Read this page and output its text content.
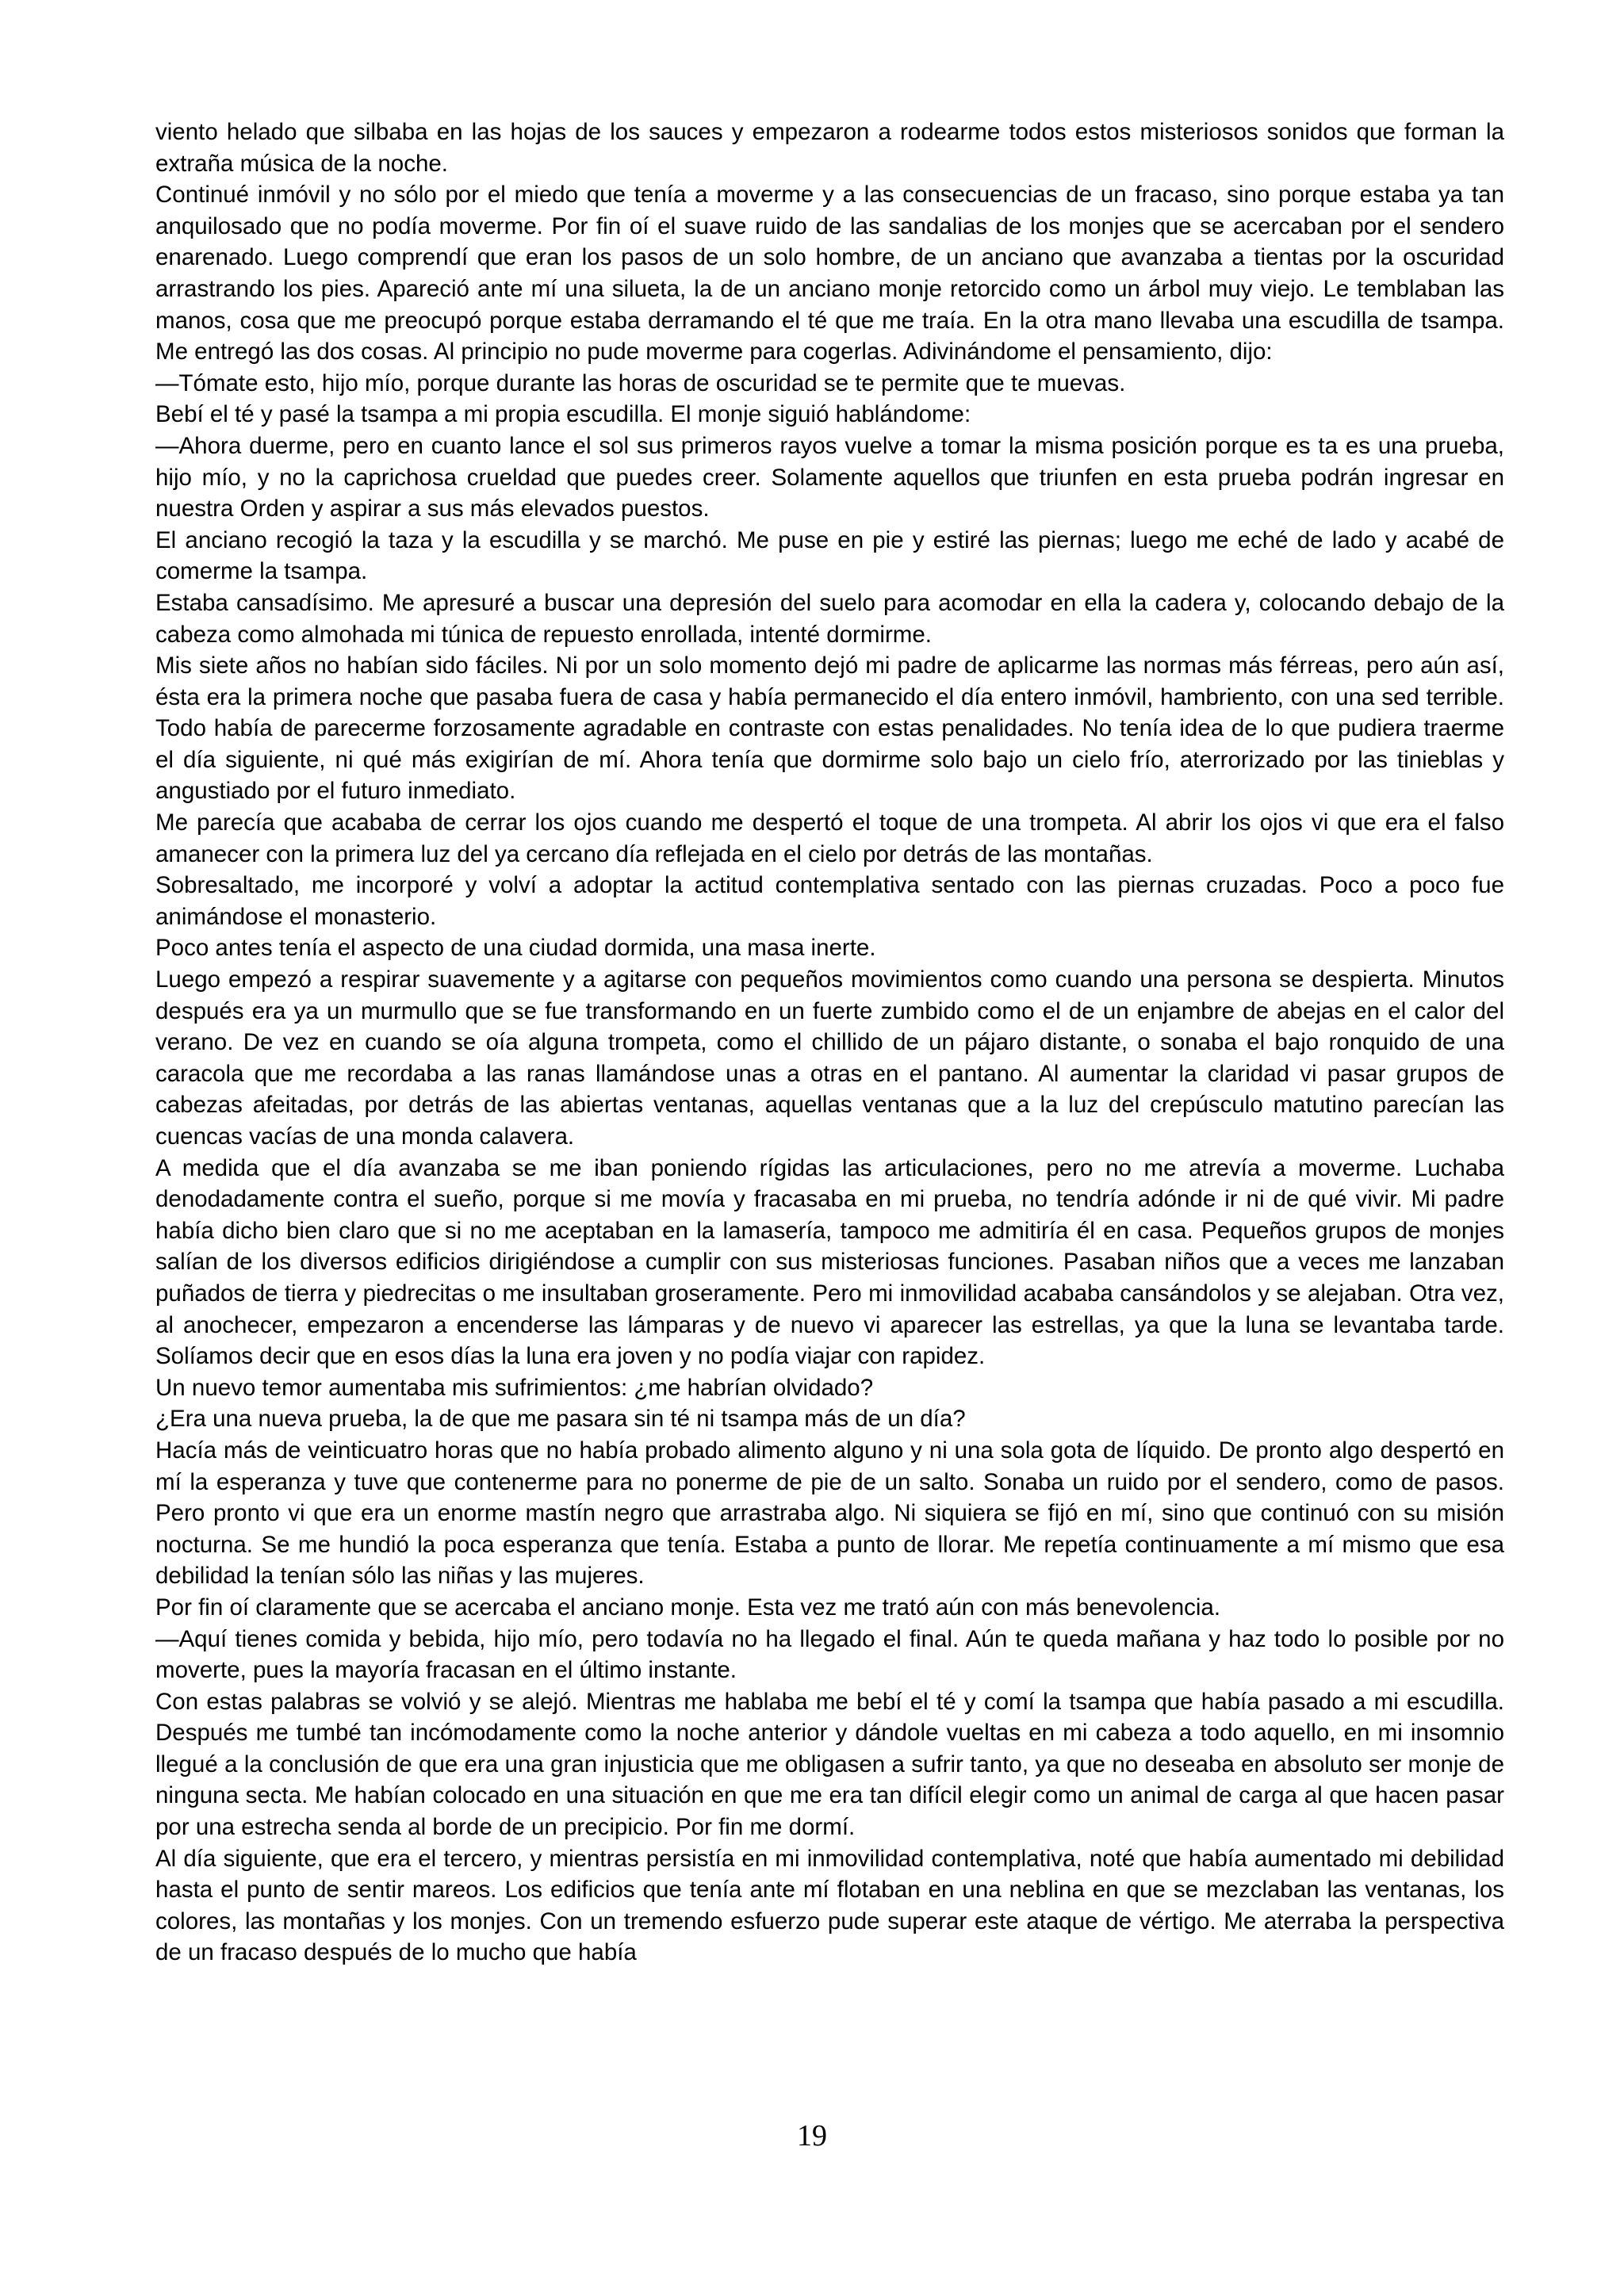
viento helado que silbaba en las hojas de los sauces y empezaron a rodearme todos estos misteriosos sonidos que forman la extraña música de la noche.

Continué inmóvil y no sólo por el miedo que tenía a moverme y a las consecuencias de un fracaso, sino porque estaba ya tan anquilosado que no podía moverme. Por fin oí el suave ruido de las sandalias de los monjes que se acercaban por el sendero enarenado. Luego comprendí que eran los pasos de un solo hombre, de un anciano que avanzaba a tientas por la oscuridad arrastrando los pies. Apareció ante mí una silueta, la de un anciano monje retorcido como un árbol muy viejo. Le temblaban las manos, cosa que me preocupó porque estaba derramando el té que me traía. En la otra mano llevaba una escudilla de tsampa. Me entregó las dos cosas. Al principio no pude moverme para cogerlas. Adivinándome el pensamiento, dijo:

—Tómate esto, hijo mío, porque durante las horas de oscuridad se te permite que te muevas.

Bebí el té y pasé la tsampa a mi propia escudilla. El monje siguió hablándome:

—Ahora duerme, pero en cuanto lance el sol sus primeros rayos vuelve a tomar la misma posición porque es ta es una prueba, hijo mío, y no la caprichosa crueldad que puedes creer. Solamente aquellos que triunfen en esta prueba podrán ingresar en nuestra Orden y aspirar a sus más elevados puestos.

El anciano recogió la taza y la escudilla y se marchó. Me puse en pie y estiré las piernas; luego me eché de lado y acabé de comerme la tsampa.

Estaba cansadísimo. Me apresuré a buscar una depresión del suelo para acomodar en ella la cadera y, colocando debajo de la cabeza como almohada mi túnica de repuesto enrollada, intenté dormirme.

Mis siete años no habían sido fáciles. Ni por un solo momento dejó mi padre de aplicarme las normas más férreas, pero aún así, ésta era la primera noche que pasaba fuera de casa y había permanecido el día entero inmóvil, hambriento, con una sed terrible. Todo había de parecerme forzosamente agradable en contraste con estas penalidades. No tenía idea de lo que pudiera traerme el día siguiente, ni qué más exigirían de mí. Ahora tenía que dormirme solo bajo un cielo frío, aterrorizado por las tinieblas y angustiado por el futuro inmediato.

Me parecía que acababa de cerrar los ojos cuando me despertó el toque de una trompeta. Al abrir los ojos vi que era el falso amanecer con la primera luz del ya cercano día reflejada en el cielo por detrás de las montañas.

Sobresaltado, me incorporé y volví a adoptar la actitud contemplativa sentado con las piernas cruzadas. Poco a poco fue animándose el monasterio.

Poco antes tenía el aspecto de una ciudad dormida, una masa inerte.

Luego empezó a respirar suavemente y a agitarse con pequeños movimientos como cuando una persona se despierta. Minutos después era ya un murmullo que se fue transformando en un fuerte zumbido como el de un enjambre de abejas en el calor del verano. De vez en cuando se oía alguna trompeta, como el chillido de un pájaro distante, o sonaba el bajo ronquido de una caracola que me recordaba a las ranas llamándose unas a otras en el pantano. Al aumentar la claridad vi pasar grupos de cabezas afeitadas, por detrás de las abiertas ventanas, aquellas ventanas que a la luz del crepúsculo matutino parecían las cuencas vacías de una monda calavera.

A medida que el día avanzaba se me iban poniendo rígidas las articulaciones, pero no me atrevía a moverme. Luchaba denodadamente contra el sueño, porque si me movía y fracasaba en mi prueba, no tendría adónde ir ni de qué vivir. Mi padre había dicho bien claro que si no me aceptaban en la lamasería, tampoco me admitiría él en casa. Pequeños grupos de monjes salían de los diversos edificios dirigiéndose a cumplir con sus misteriosas funciones. Pasaban niños que a veces me lanzaban puñados de tierra y piedrecitas o me insultaban groseramente. Pero mi inmovilidad acababa cansándolos y se alejaban. Otra vez, al anochecer, empezaron a encenderse las lámparas y de nuevo vi aparecer las estrellas, ya que la luna se levantaba tarde. Solíamos decir que en esos días la luna era joven y no podía viajar con rapidez.

Un nuevo temor aumentaba mis sufrimientos: ¿me habrían olvidado?

¿Era una nueva prueba, la de que me pasara sin té ni tsampa más de un día?

Hacía más de veinticuatro horas que no había probado alimento alguno y ni una sola gota de líquido. De pronto algo despertó en mí la esperanza y tuve que contenerme para no ponerme de pie de un salto. Sonaba un ruido por el sendero, como de pasos. Pero pronto vi que era un enorme mastín negro que arrastraba algo. Ni siquiera se fijó en mí, sino que continuó con su misión nocturna. Se me hundió la poca esperanza que tenía. Estaba a punto de llorar. Me repetía continuamente a mí mismo que esa debilidad la tenían sólo las niñas y las mujeres.

Por fin oí claramente que se acercaba el anciano monje. Esta vez me trató aún con más benevolencia.

—Aquí tienes comida y bebida, hijo mío, pero todavía no ha llegado el final. Aún te queda mañana y haz todo lo posible por no moverte, pues la mayoría fracasan en el último instante.

Con estas palabras se volvió y se alejó. Mientras me hablaba me bebí el té y comí la tsampa que había pasado a mi escudilla. Después me tumbé tan incómodamente como la noche anterior y dándole vueltas en mi cabeza a todo aquello, en mi insomnio llegué a la conclusión de que era una gran injusticia que me obligasen a sufrir tanto, ya que no deseaba en absoluto ser monje de ninguna secta. Me habían colocado en una situación en que me era tan difícil elegir como un animal de carga al que hacen pasar por una estrecha senda al borde de un precipicio. Por fin me dormí.

Al día siguiente, que era el tercero, y mientras persistía en mi inmovilidad contemplativa, noté que había aumentado mi debilidad hasta el punto de sentir mareos. Los edificios que tenía ante mí flotaban en una neblina en que se mezclaban las ventanas, los colores, las montañas y los monjes. Con un tremendo esfuerzo pude superar este ataque de vértigo. Me aterraba la perspectiva de un fracaso después de lo mucho que había

19
